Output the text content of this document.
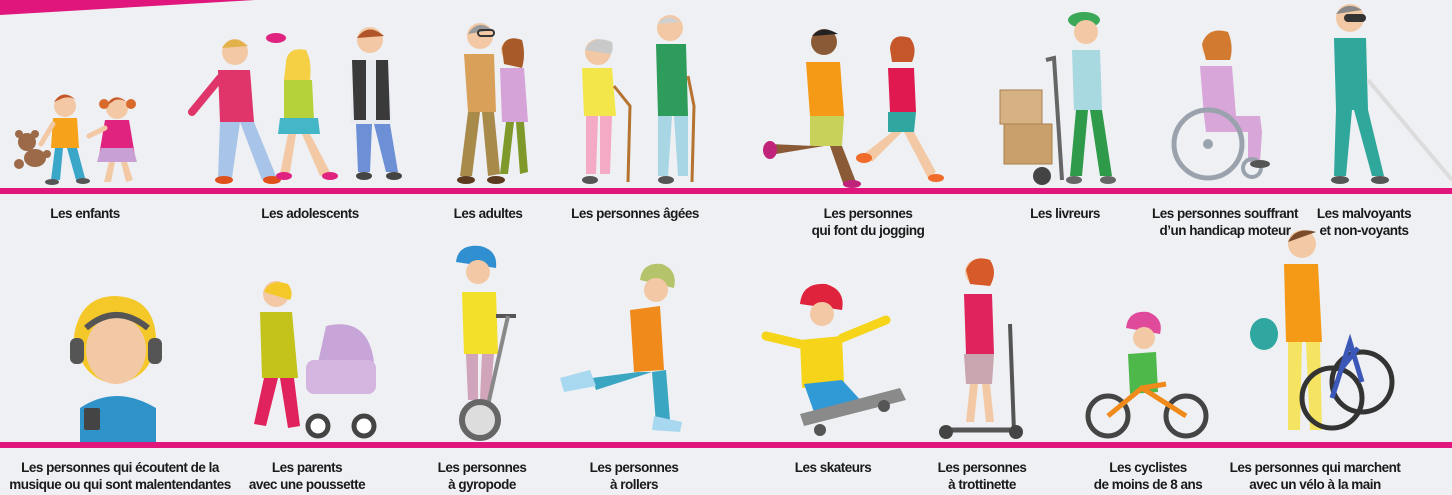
Les enfants	Les adolescents	Les adultes	Les personnes âgées	Les personnes
qui font du jogging
Les livreurs	Les personnes souffrant
d’un handicap moteur
Les malvoyants
et non-voyants
Les personnes qui écoutent de la
musique ou qui sont malentendantes
Les parents
avec une poussette
Les personnes
à gyropode
Les personnes
à rollers
Les skateurs	Les personnes
à trottinette
Les cyclistes
de moins de 8 ans
Les personnes qui marchent
avec un vélo à la main
